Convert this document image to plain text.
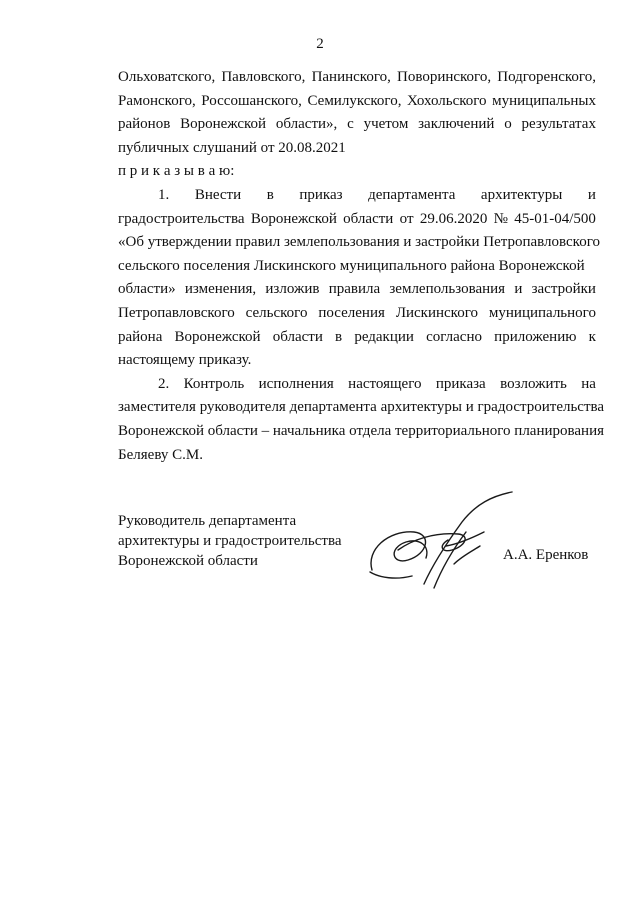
2
Ольховатского, Павловского, Панинского, Поворинского, Подгоренского,
Рамонского, Россошанского, Семилукского, Хохольского муниципальных
районов Воронежской области», с учетом заключений о результатах
публичных слушаний от 20.08.2021
п р и к а з ы в а ю:
1. Внести в приказ департамента архитектуры и
градостроительства Воронежской области от 29.06.2020 № 45-01-04/500
«Об утверждении правил землепользования и застройки Петропавловского
сельского поселения Лискинского муниципального района Воронежской
области» изменения, изложив правила землепользования и застройки
Петропавловского сельского поселения Лискинского муниципального
района Воронежской области в редакции согласно приложению к
настоящему приказу.
2. Контроль исполнения настоящего приказа возложить на
заместителя руководителя департамента архитектуры и градостроительства
Воронежской области – начальника отдела территориального планирования
Беляеву С.М.
Руководитель департамента
архитектуры и градостроительства
Воронежской области	А.А. Еренков
